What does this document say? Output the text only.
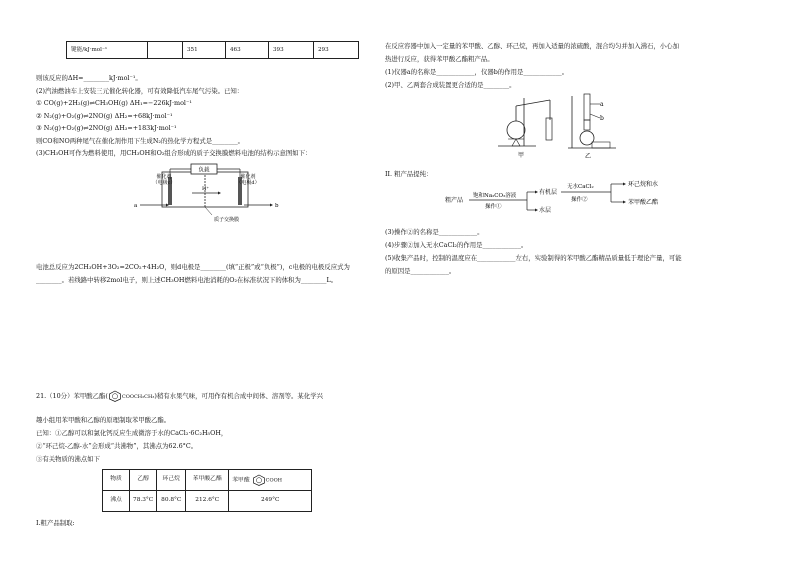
键能/kJ·mol⁻¹		351	463	393	293
则该反应的ΔH=________kJ·mol⁻¹。
(2)汽油燃油车上安装三元催化转化器，可有效降低汽车尾气污染。已知：
① CO(g)+2H₂(g)⇌CH₃OH(g) ΔH₁=−226kJ·mol⁻¹
② N₂(g)+O₂(g)⇌2NO(g) ΔH₂=+68kJ·mol⁻¹
③ N₂(g)+O₂(g)⇌2NO(g) ΔH₃=+183kJ·mol⁻¹
则CO和NO两种尾气在催化剂作用下生成N₂的热化学方程式是________。
(3)CH₃OH可作为燃料使用，用CH₃OH和O₂组合形成的质子交换膜燃料电池的结构示意图如下：
负载
催化剂
（电极c）
催化剂
（电极d）
H⁺
a	b
质子交换膜
电池总反应为2CH₃OH+3O₂=2CO₂+4H₂O，则d电极是________(填“正极”或“负极”)，c电极的电极反应式为
________。若线路中转移2mol电子，则上述CH₃OH燃料电池消耗的O₂在标准状况下的体积为________L。
21.（10分）苯甲酸乙酯(	COOCH₂CH₃)稍有水果气味，可用作有机合成中间体、溶剂等。某化学兴
趣小组用苯甲酸和乙醇的原理制取苯甲酸乙酯。
已知：①乙醇可以和氯化钙反应生成微溶于水的CaCl₂·6C₂H₅OH，
②“环己烷-乙醇-水”会形成“共沸物”，其沸点为62.6°C。
③有关物质的沸点如下
物质	乙醇	环己烷	苯甲酸乙酯	苯甲酸 COOH
沸点	78.3°C	80.8°C	212.6°C	249°C
I.粗产品制取:
在反应容器中加入一定量的苯甲酸、乙醇、环己烷，再加入适量的浓硫酸，混合均匀并加入沸石，小心加
热进行反应，获得苯甲酸乙酯粗产品。
(1)仪器a的名称是____________，仪器b的作用是____________。
(2)甲、乙两套合成装置更合适的是________。
a
b
甲	乙
II. 粗产品提纯：
粗产品
饱和Na₂CO₃溶液
操作①
有机层
水层
无水CaCl₂
操作②
环己烷和水
苯甲酸乙酯
(3)操作②的名称是____________。
(4)步骤②加入无水CaCl₂的作用是____________。
(5)收集产品时，控制的温度应在____________左右，实验制得的苯甲酸乙酯精品质量低于理论产量，可能
的原因是____________。
